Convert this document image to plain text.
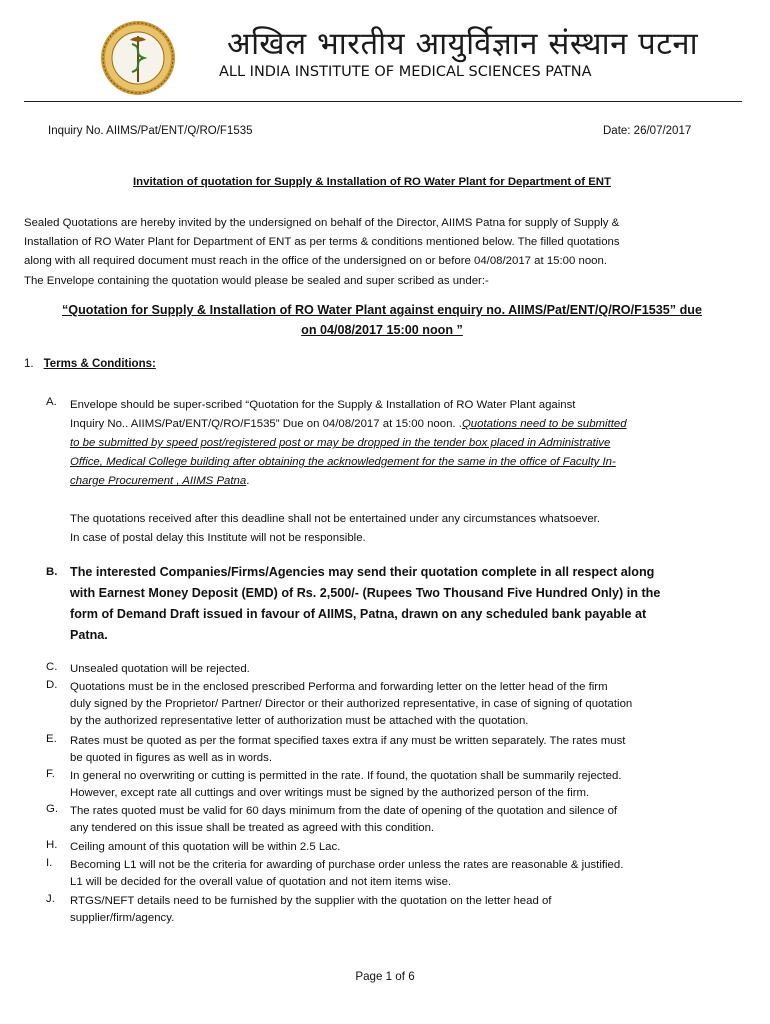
अखिल भारतीय आयुर्विज्ञान संस्थान पटना
ALL INDIA INSTITUTE OF MEDICAL SCIENCES PATNA
Inquiry No. AIIMS/Pat/ENT/Q/RO/F1535	Date: 26/07/2017
Invitation of quotation for Supply & Installation of RO Water Plant for Department of ENT
Sealed Quotations are hereby invited by the undersigned on behalf of the Director, AIIMS Patna for supply of Supply &
Installation of RO Water Plant for Department of ENT as per terms & conditions mentioned below. The filled quotations
along with all required document must reach in the office of the undersigned on or before 04/08/2017 at 15:00 noon.
The Envelope containing the quotation would please be sealed and super scribed as under:-
“Quotation for Supply & Installation of RO Water Plant against enquiry no. AIIMS/Pat/ENT/Q/RO/F1535” due
on 04/08/2017 15:00 noon ”
1. Terms & Conditions:
A. Envelope should be super-scribed “Quotation for the Supply & Installation of RO Water Plant against
Inquiry No.. AIIMS/Pat/ENT/Q/RO/F1535” Due on 04/08/2017 at 15:00 noon. .Quotations need to be submitted
to be submitted by speed post/registered post or may be dropped in the tender box placed in Administrative
Office, Medical College building after obtaining the acknowledgement for the same in the office of Faculty In-
charge Procurement , AIIMS Patna.
The quotations received after this deadline shall not be entertained under any circumstances whatsoever.
In case of postal delay this Institute will not be responsible.
B. The interested Companies/Firms/Agencies may send their quotation complete in all respect along
with Earnest Money Deposit (EMD) of Rs. 2,500/- (Rupees Two Thousand Five Hundred Only) in the
form of Demand Draft issued in favour of AIIMS, Patna, drawn on any scheduled bank payable at
Patna.
C. Unsealed quotation will be rejected.
D. Quotations must be in the enclosed prescribed Performa and forwarding letter on the letter head of the firm
duly signed by the Proprietor/ Partner/ Director or their authorized representative, in case of signing of quotation
by the authorized representative letter of authorization must be attached with the quotation.
E. Rates must be quoted as per the format specified taxes extra if any must be written separately. The rates must
be quoted in figures as well as in words.
F. In general no overwriting or cutting is permitted in the rate. If found, the quotation shall be summarily rejected.
However, except rate all cuttings and over writings must be signed by the authorized person of the firm.
G. The rates quoted must be valid for 60 days minimum from the date of opening of the quotation and silence of
any tendered on this issue shall be treated as agreed with this condition.
H. Ceiling amount of this quotation will be within 2.5 Lac.
I. Becoming L1 will not be the criteria for awarding of purchase order unless the rates are reasonable & justified.
L1 will be decided for the overall value of quotation and not item items wise.
J. RTGS/NEFT details need to be furnished by the supplier with the quotation on the letter head of
supplier/firm/agency.
Page 1 of 6
